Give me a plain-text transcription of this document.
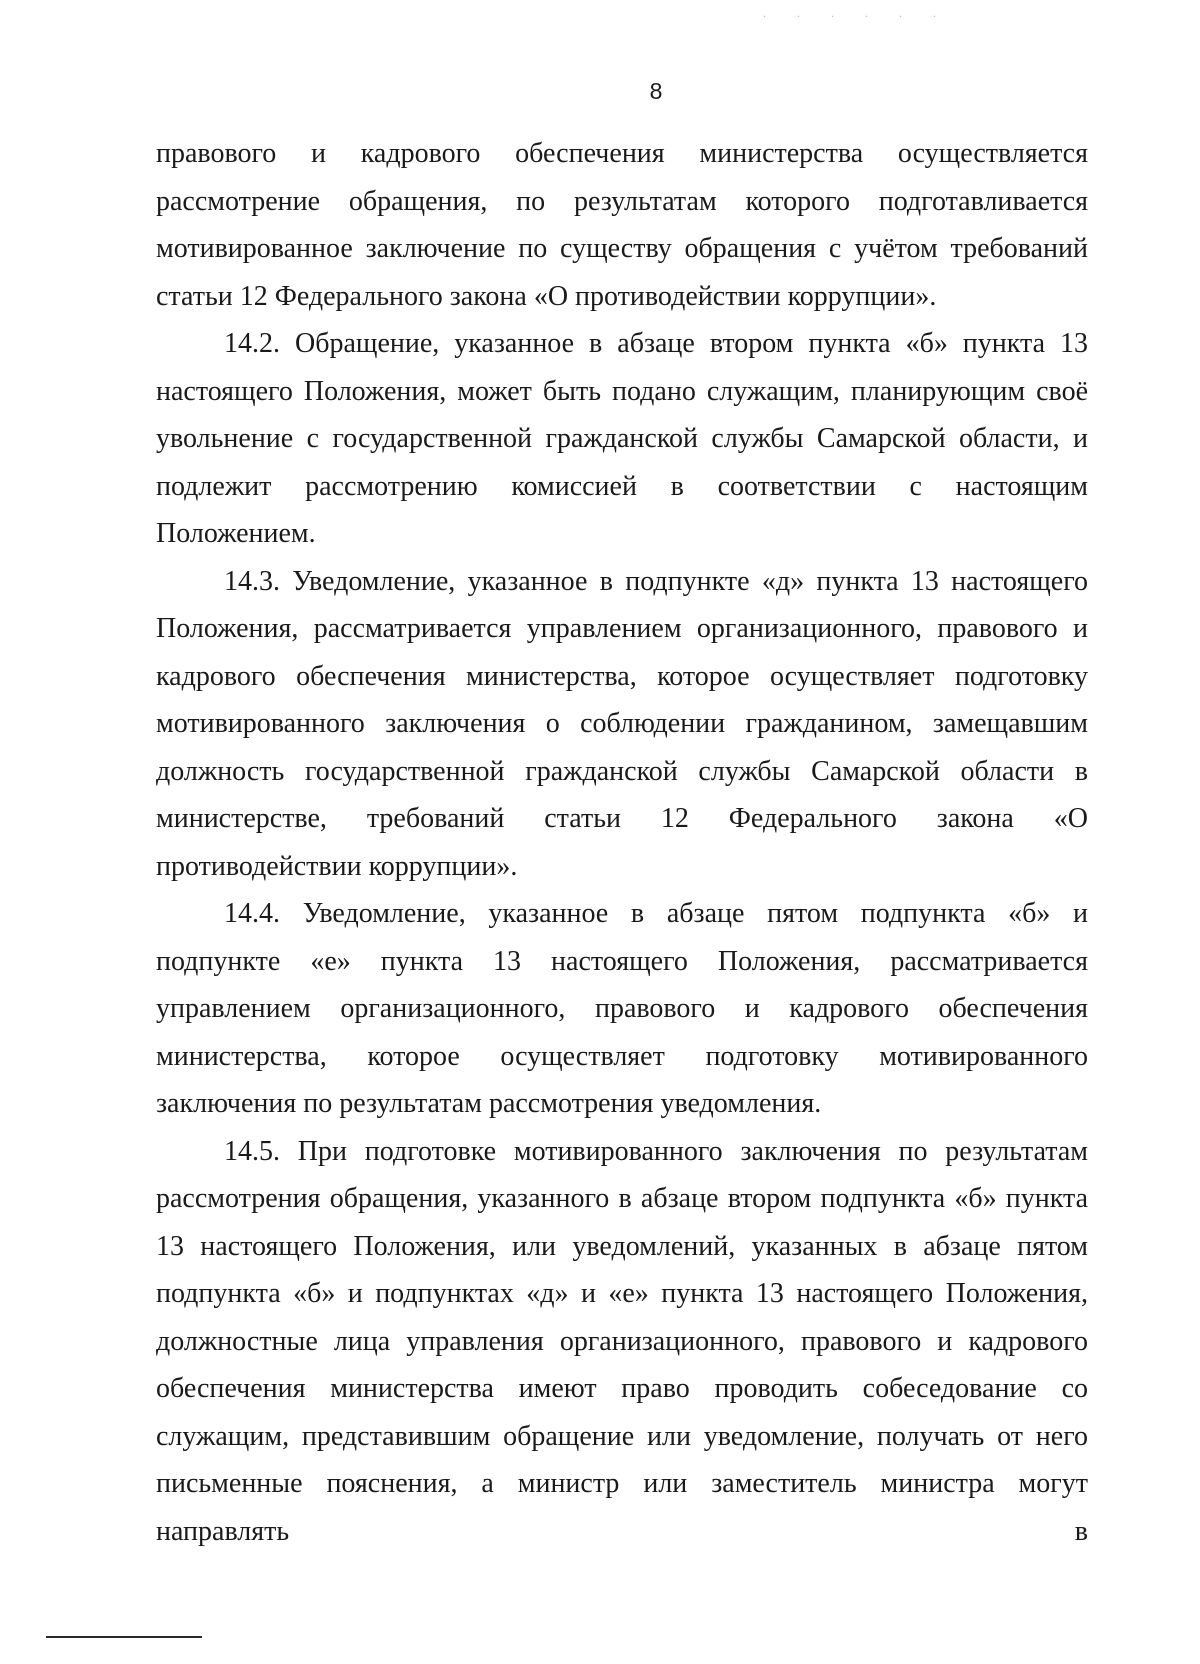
. . . . . .
8

правового и кадрового обеспечения министерства осуществляется рассмотрение обращения, по результатам которого подготавливается мотивированное заключение по существу обращения с учётом требований статьи 12 Федерального закона «О противодействии коррупции».

14.2. Обращение, указанное в абзаце втором пункта «б» пункта 13 настоящего Положения, может быть подано служащим, планирующим своё увольнение с государственной гражданской службы Самарской области, и подлежит рассмотрению комиссией в соответствии с настоящим Положением.

14.3. Уведомление, указанное в подпункте «д» пункта 13 настоящего Положения, рассматривается управлением организационного, правового и кадрового обеспечения министерства, которое осуществляет подготовку мотивированного заключения о соблюдении гражданином, замещавшим должность государственной гражданской службы Самарской области в министерстве, требований статьи 12 Федерального закона «О противодействии коррупции».

14.4. Уведомление, указанное в абзаце пятом подпункта «б» и подпункте «е» пункта 13 настоящего Положения, рассматривается управлением организационного, правового и кадрового обеспечения министерства, которое осуществляет подготовку мотивированного заключения по результатам рассмотрения уведомления.

14.5. При подготовке мотивированного заключения по результатам рассмотрения обращения, указанного в абзаце втором подпункта «б» пункта 13 настоящего Положения, или уведомлений, указанных в абзаце пятом подпункта «б» и подпунктах «д» и «е» пункта 13 настоящего Положения, должностные лица управления организационного, правового и кадрового обеспечения министерства имеют право проводить собеседование со служащим, представившим обращение или уведомление, получать от него письменные пояснения, а министр или заместитель министра могут направлять в
